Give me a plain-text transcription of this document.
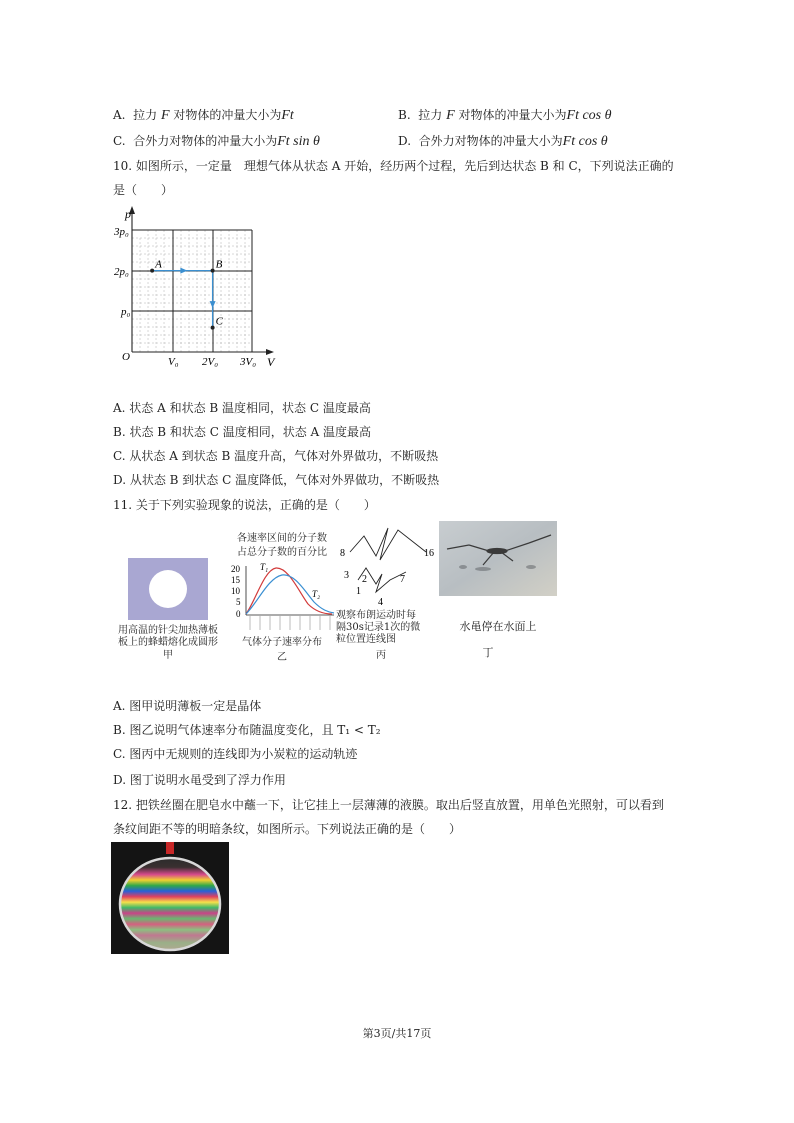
A. 拉力 F 对物体的冲量大小为Ft	B. 拉力 F 对物体的冲量大小为Ft cos θ
C. 合外力对物体的冲量大小为Ft sin θ	D. 合外力对物体的冲量大小为Ft cos θ
10. 如图所示，一定量　理想气体从状态 A 开始，经历两个过程，先后到达状态 B 和 C，下列说法正确的
是（　　）
p
V
O
3p₀
2p₀
p₀
V₀ 2V₀ 3V₀
A	B
C
A. 状态 A 和状态 B 温度相同，状态 C 温度最高
B. 状态 B 和状态 C 温度相同，状态 A 温度最高
C. 从状态 A 到状态 B 温度升高，气体对外界做功，不断吸热
D. 从状态 B 到状态 C 温度降低，气体对外界做功，不断吸热
11. 关于下列实验现象的说法，正确的是（　　）
用高温的针尖加热薄板
板上的蜂蜡熔化成圆形
甲
各速率区间的分子数
占总分子数的百分比
20
15
10
5
0
T₁
T₂
气体分子速率分布
乙
8	16
3 2
1
7
4
观察布朗运动时每
隔30s记录1次的微
粒位置连线图
丙
水黾停在水面上
丁
A. 图甲说明薄板一定是晶体
B. 图乙说明气体速率分布随温度变化，且 T₁ < T₂
C. 图丙中无规则的连线即为小炭粒的运动轨迹
D. 图丁说明水黾受到了浮力作用
12. 把铁丝圈在肥皂水中蘸一下，让它挂上一层薄薄的液膜。取出后竖直放置，用单色光照射，可以看到
条纹间距不等的明暗条纹，如图所示。下列说法正确的是（　　）
第3页/共17页
